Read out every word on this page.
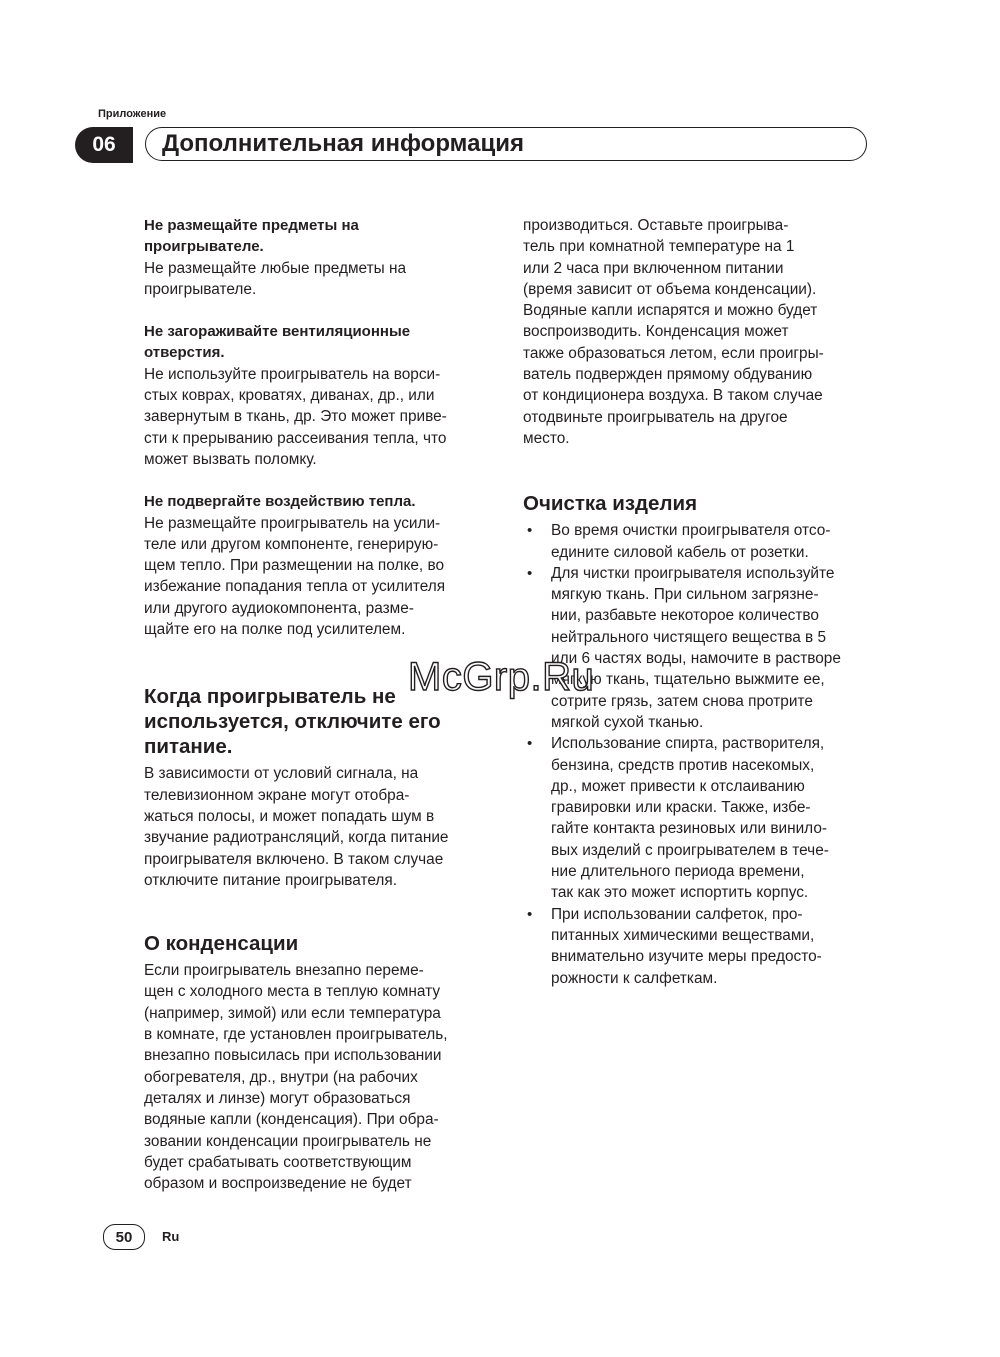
Приложение
06	Дополнительная информация

Не размещайте предметы на
проигрывателе.

Не размещайте любые предметы на
проигрывателе.

Не загораживайте вентиляционные
отверстия.

Не используйте проигрыватель на ворси-
стых коврах, кроватях, диванах, др., или
завернутым в ткань, др. Это может приве-
сти к прерыванию рассеивания тепла, что
может вызвать поломку.

Не подвергайте воздействию тепла.

Не размещайте проигрыватель на усили-
теле или другом компоненте, генерирую-
щем тепло. При размещении на полке, во
избежание попадания тепла от усилителя
или другого аудиокомпонента, разме-
щайте его на полке под усилителем.

Когда проигрыватель не
используется, отключите его
питание.

В зависимости от условий сигнала, на
телевизионном экране могут отобра-
жаться полосы, и может попадать шум в
звучание радиотрансляций, когда питание
проигрывателя включено. В таком случае
отключите питание проигрывателя.

О конденсации

Если проигрыватель внезапно переме-
щен с холодного места в теплую комнату
(например, зимой) или если температура
в комнате, где установлен проигрыватель,
внезапно повысилась при использовании
обогревателя, др., внутри (на рабочих
деталях и линзе) могут образоваться
водяные капли (конденсация). При обра-
зовании конденсации проигрыватель не
будет срабатывать соответствующим
образом и воспроизведение не будет

производиться. Оставьте проигрыва-
тель при комнатной температуре на 1
или 2 часа при включенном питании
(время зависит от объема конденсации).
Водяные капли испарятся и можно будет
воспроизводить. Конденсация может
также образоваться летом, если проигры-
ватель подвержден прямому обдуванию
от кондиционера воздуха. В таком случае
отодвиньте проигрыватель на другое
место.

Очистка изделия

• Во время очистки проигрывателя отсо-
едините силовой кабель от розетки.
• Для чистки проигрывателя используйте
мягкую ткань. При сильном загрязне-
нии, разбавьте некоторое количество
нейтрального чистящего вещества в 5
или 6 частях воды, намочите в растворе
мягкую ткань, тщательно выжмите ее,
сотрите грязь, затем снова протрите
мягкой сухой тканью.
• Использование спирта, растворителя,
бензина, средств против насекомых,
др., может привести к отслаиванию
гравировки или краски. Также, избе-
гайте контакта резиновых или винило-
вых изделий с проигрывателем в тече-
ние длительного периода времени,
так как это может испортить корпус.
• При использовании салфеток, про-
питанных химическими веществами,
внимательно изучите меры предосто-
рожности к салфеткам.
McGrp.Ru
50	Ru
